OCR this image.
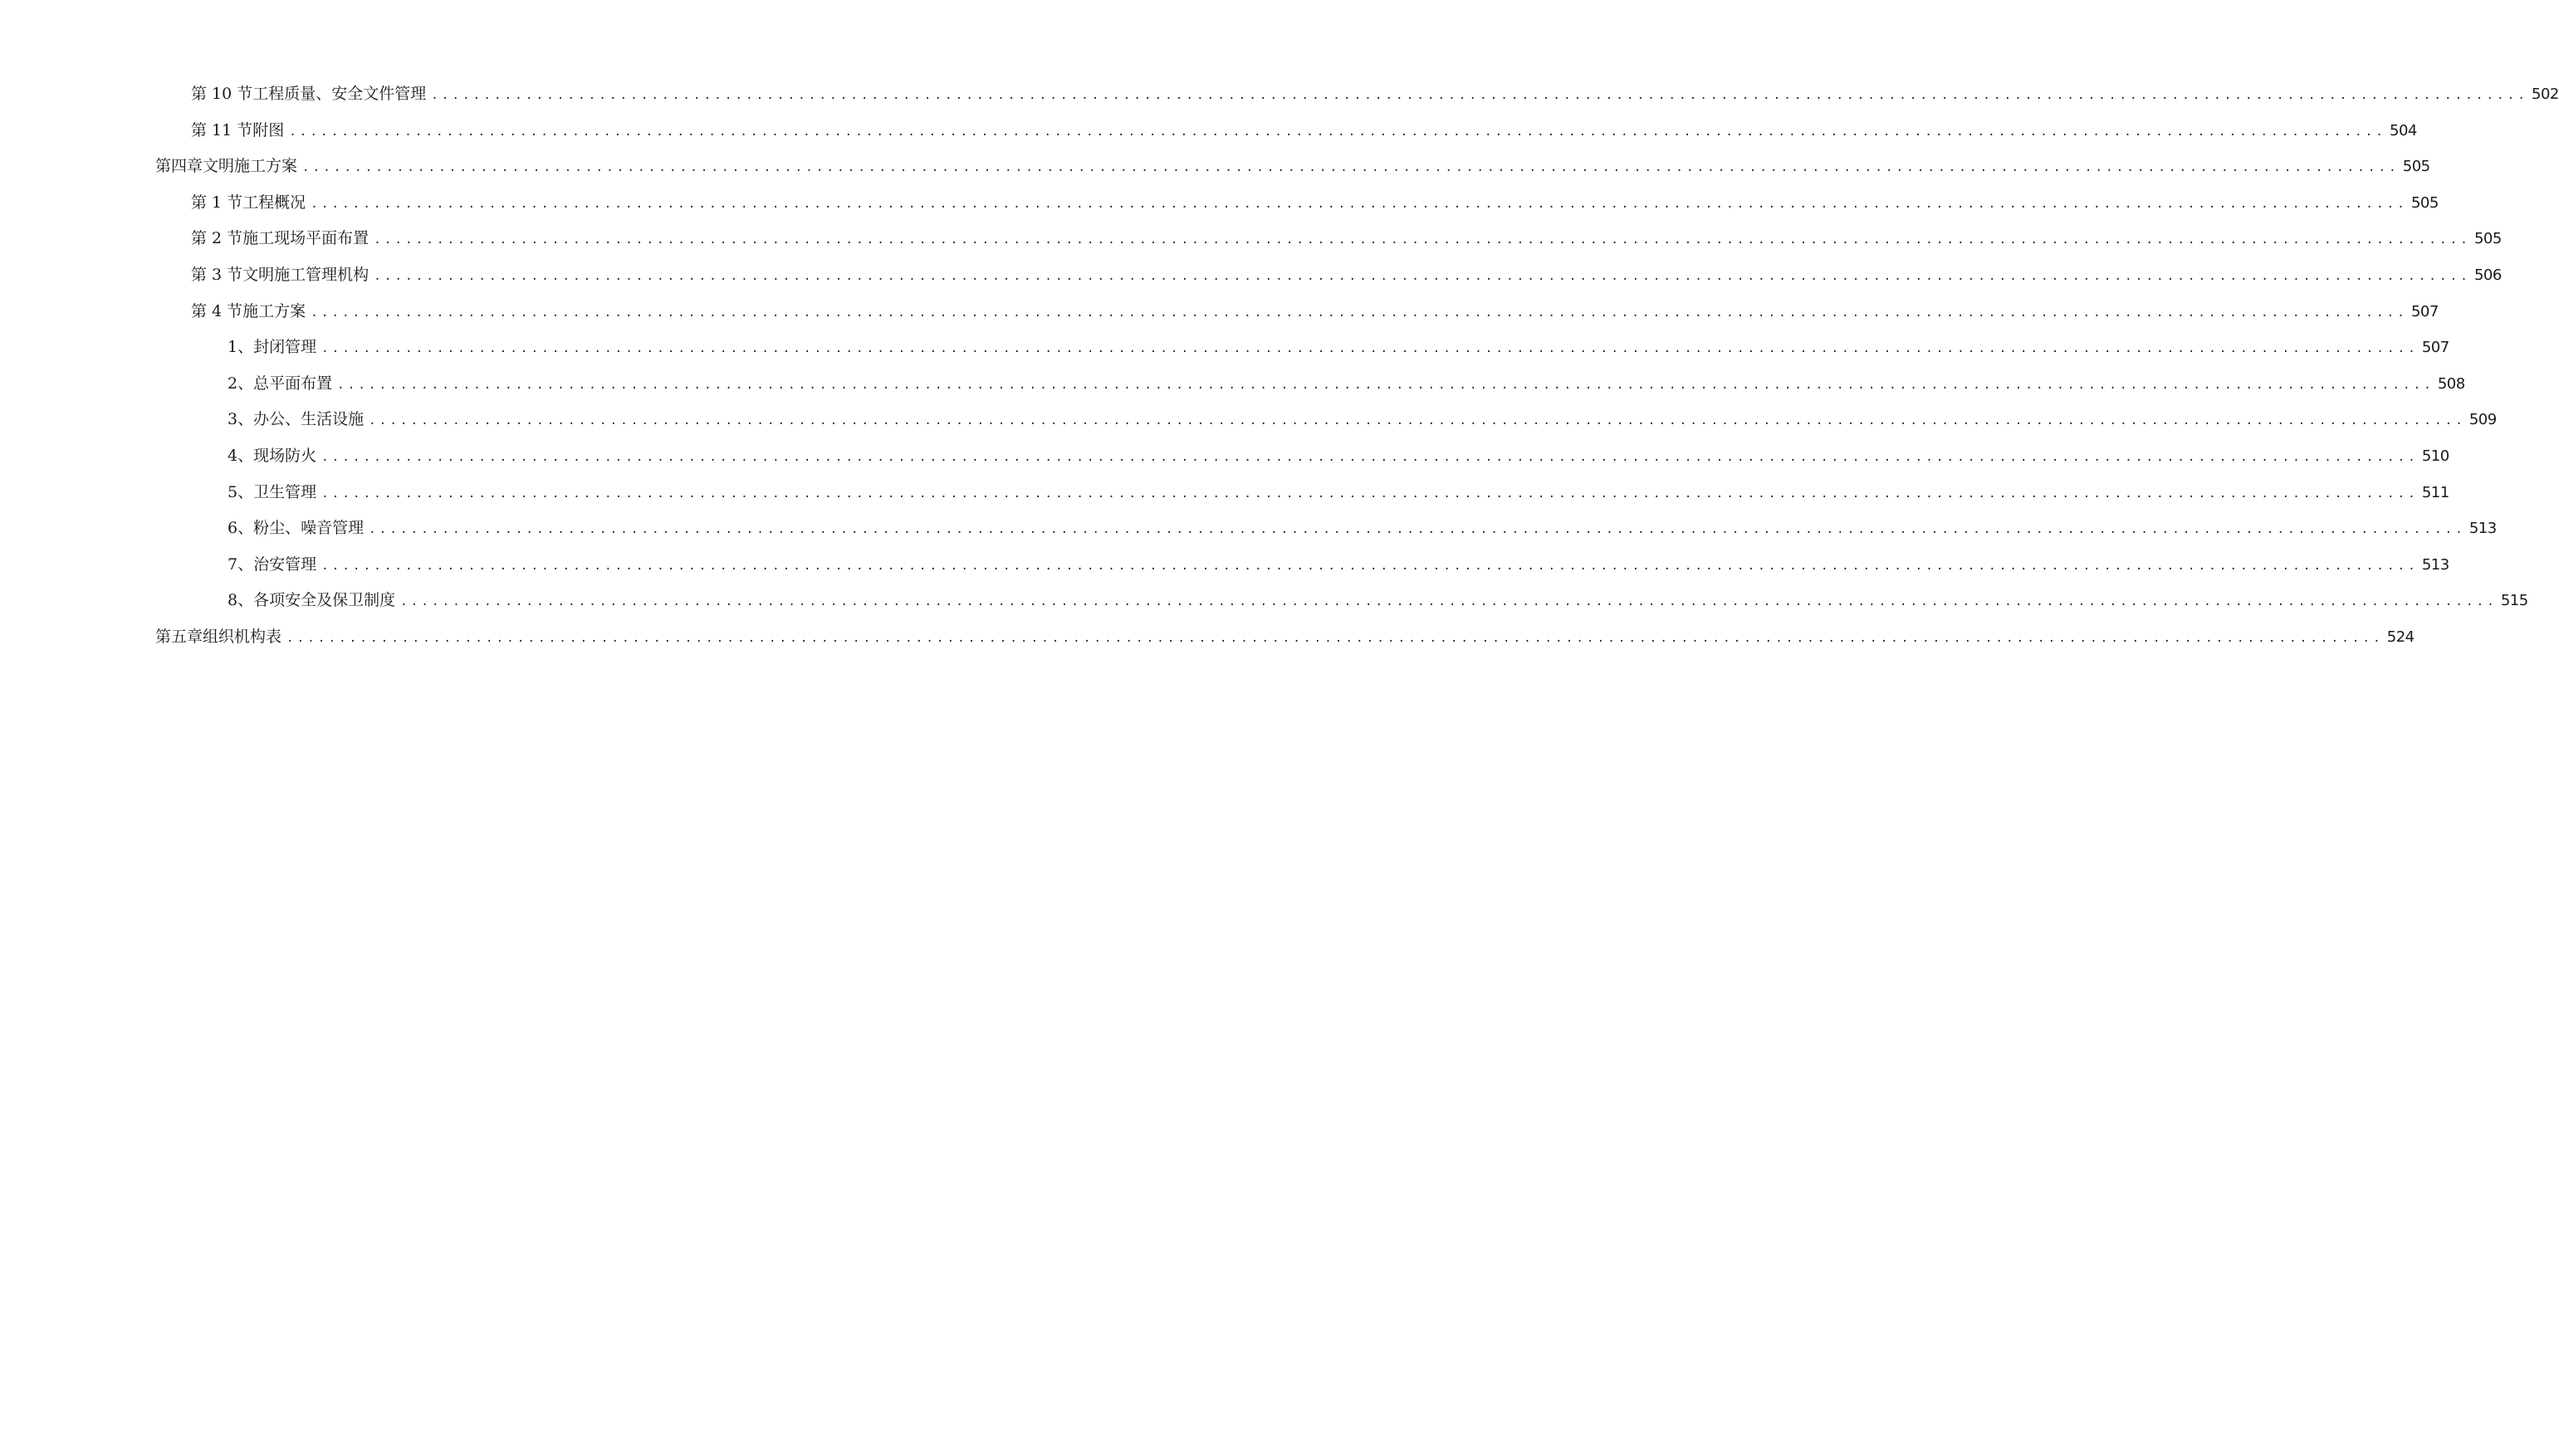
第 10 节 工程质量、安全文件管理 ........................................................................................................................................................................................................ 502
第 11 节 附图 ........................................................................................................................................................................................................ 504
第四章 文明施工方案 ........................................................................................................................................................................................................ 505
第 1 节 工程概况 ........................................................................................................................................................................................................ 505
第 2 节 施工现场平面布置 ........................................................................................................................................................................................................ 505
第 3 节 文明施工管理机构 ........................................................................................................................................................................................................ 506
第 4 节 施工方案 ........................................................................................................................................................................................................ 507
1、 封闭管理 ........................................................................................................................................................................................................ 507
2、 总平面布置 ........................................................................................................................................................................................................ 508
3、 办公、生活设施 ........................................................................................................................................................................................................ 509
4、 现场防火 ........................................................................................................................................................................................................ 510
5、 卫生管理 ........................................................................................................................................................................................................ 511
6、 粉尘、噪音管理 ........................................................................................................................................................................................................ 513
7、 治安管理 ........................................................................................................................................................................................................ 513
8、 各项安全及保卫制度 ........................................................................................................................................................................................................ 515
第五章 组织机构表 ........................................................................................................................................................................................................ 524
